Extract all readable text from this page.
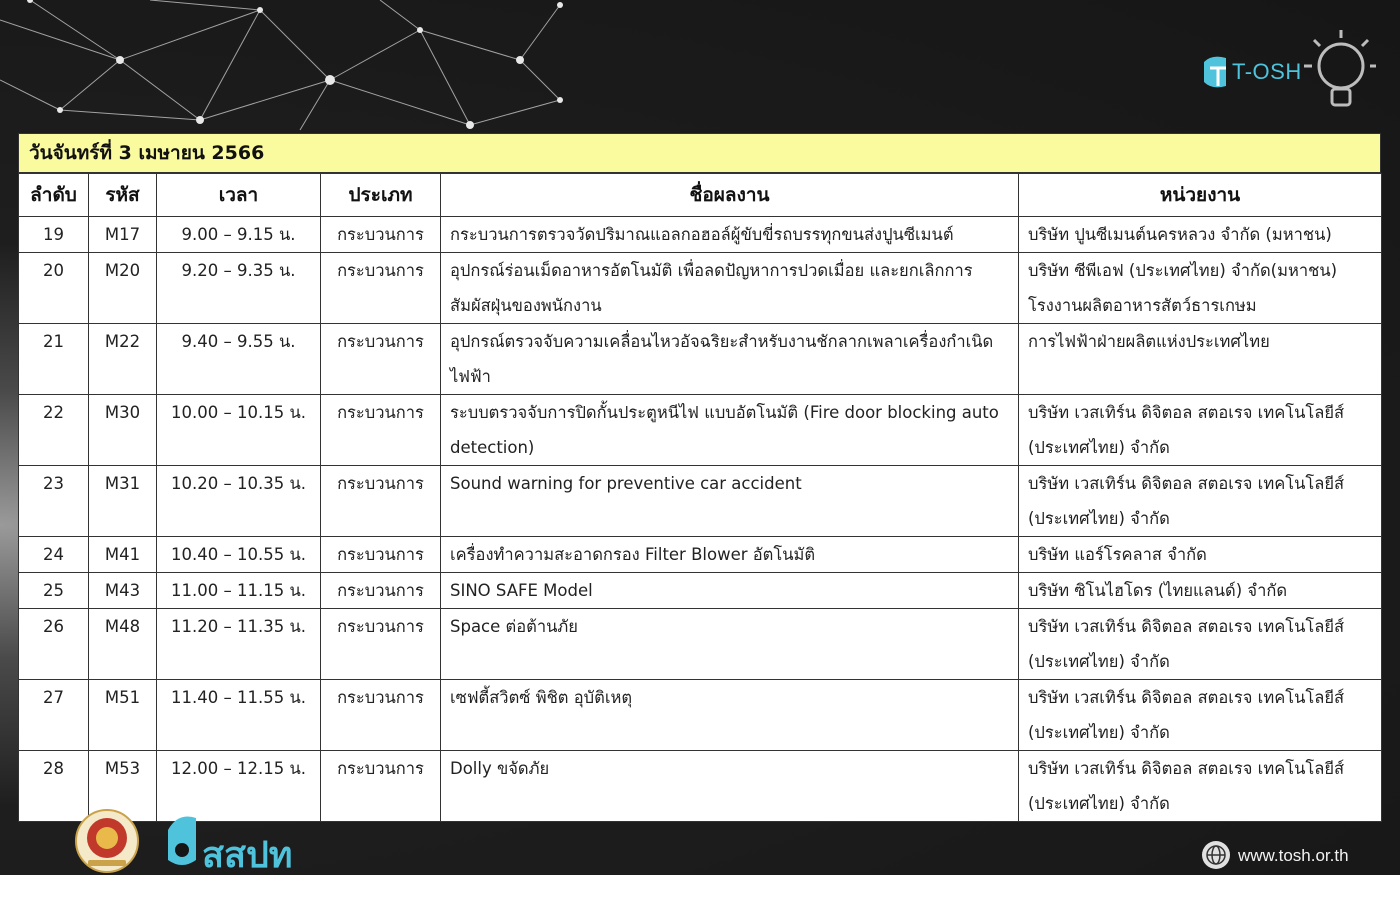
T-OSH
วันจันทร์ที่ 3 เมษายน 2566
ลำดับ	รหัส	เวลา	ประเภท	ชื่อผลงาน	หน่วยงาน
19	M17	9.00 – 9.15 น.	กระบวนการ	กระบวนการตรวจวัดปริมาณแอลกอฮอล์ผู้ขับขี่รถบรรทุกขนส่งปูนซีเมนต์	บริษัท ปูนซีเมนต์นครหลวง จำกัด (มหาชน)
20	M20	9.20 – 9.35 น.	กระบวนการ	อุปกรณ์ร่อนเม็ดอาหารอัตโนมัติ เพื่อลดปัญหาการปวดเมื่อย และยกเลิกการสัมผัสฝุ่นของพนักงาน	บริษัท ซีพีเอฟ (ประเทศไทย) จำกัด(มหาชน) โรงงานผลิตอาหารสัตว์ธารเกษม
21	M22	9.40 – 9.55 น.	กระบวนการ	อุปกรณ์ตรวจจับความเคลื่อนไหวอัจฉริยะสำหรับงานชักลากเพลาเครื่องกำเนิดไฟฟ้า	การไฟฟ้าฝ่ายผลิตแห่งประเทศไทย
22	M30	10.00 – 10.15 น.	กระบวนการ	ระบบตรวจจับการปิดกั้นประตูหนีไฟ แบบอัตโนมัติ (Fire door blocking auto detection)	บริษัท เวสเทิร์น ดิจิตอล สตอเรจ เทคโนโลยีส์ (ประเทศไทย) จำกัด
23	M31	10.20 – 10.35 น.	กระบวนการ	Sound warning for preventive car accident	บริษัท เวสเทิร์น ดิจิตอล สตอเรจ เทคโนโลยีส์ (ประเทศไทย) จำกัด
24	M41	10.40 – 10.55 น.	กระบวนการ	เครื่องทำความสะอาดกรอง Filter Blower อัตโนมัติ	บริษัท แอร์โรคลาส จำกัด
25	M43	11.00 – 11.15 น.	กระบวนการ	SINO SAFE Model	บริษัท ซิโนไฮโดร (ไทยแลนด์) จำกัด
26	M48	11.20 – 11.35 น.	กระบวนการ	Space ต่อต้านภัย	บริษัท เวสเทิร์น ดิจิตอล สตอเรจ เทคโนโลยีส์ (ประเทศไทย) จำกัด
27	M51	11.40 – 11.55 น.	กระบวนการ	เซฟตี้สวิตซ์ พิชิต อุบัติเหตุ	บริษัท เวสเทิร์น ดิจิตอล สตอเรจ เทคโนโลยีส์ (ประเทศไทย) จำกัด
28	M53	12.00 – 12.15 น.	กระบวนการ	Dolly ขจัดภัย	บริษัท เวสเทิร์น ดิจิตอล สตอเรจ เทคโนโลยีส์ (ประเทศไทย) จำกัด
สสปท	www.tosh.or.th
